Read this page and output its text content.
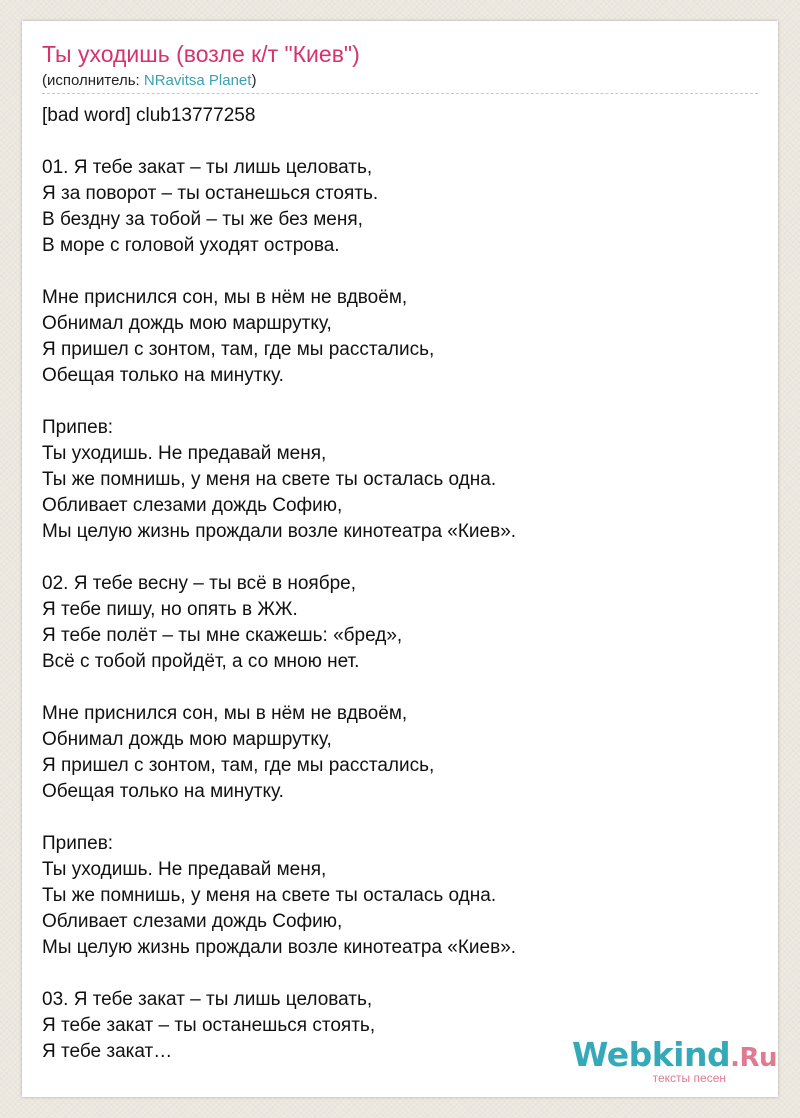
Ты уходишь (возле к/т "Киев")
(исполнитель: NRavitsa Planet)
[bad word] club13777258
01. Я тебе закат – ты лишь целовать,
Я за поворот – ты останешься стоять.
В бездну за тобой – ты же без меня,
В море с головой уходят острова.
Мне приснился сон, мы в нём не вдвоём,
Обнимал дождь мою маршрутку,
Я пришел с зонтом, там, где мы расстались,
Обещая только на минутку.
Припев:
Ты уходишь. Не предавай меня,
Ты же помнишь, у меня на свете ты осталась одна.
Обливает слезами дождь Софию,
Мы целую жизнь прождали возле кинотеатра «Киев».
02. Я тебе весну – ты всё в ноябре,
Я тебе пишу, но опять в ЖЖ.
Я тебе полёт – ты мне скажешь: «бред»,
Всё с тобой пройдёт, а со мною нет.
Мне приснился сон, мы в нём не вдвоём,
Обнимал дождь мою маршрутку,
Я пришел с зонтом, там, где мы расстались,
Обещая только на минутку.
Припев:
Ты уходишь. Не предавай меня,
Ты же помнишь, у меня на свете ты осталась одна.
Обливает слезами дождь Софию,
Мы целую жизнь прождали возле кинотеатра «Киев».
03. Я тебе закат – ты лишь целовать,
Я тебе закат – ты останешься стоять,
Я тебе закат…	Webkind.Ru
тексты песен
